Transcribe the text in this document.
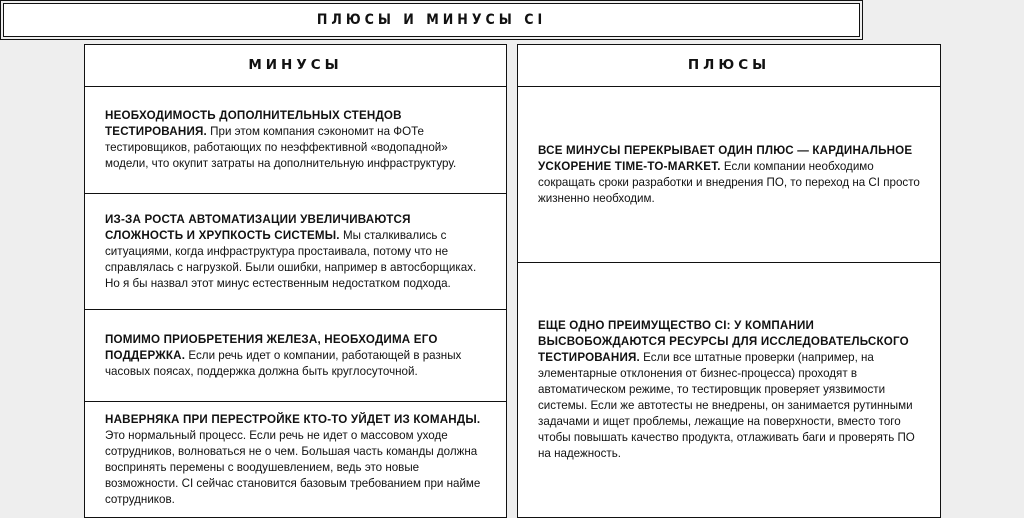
ПЛЮСЫ И МИНУСЫ CI
МИНУСЫ

НЕОБХОДИМОСТЬ ДОПОЛНИТЕЛЬНЫХ СТЕНДОВ ТЕСТИРОВАНИЯ. При этом компания сэкономит на ФОТе тестировщиков, работающих по неэффективной «водопадной» модели, что окупит затраты на дополнительную инфраструктуру.

ИЗ-ЗА РОСТА АВТОМАТИЗАЦИИ УВЕЛИЧИВАЮТСЯ СЛОЖНОСТЬ И ХРУПКОСТЬ СИСТЕМЫ. Мы сталкивались с ситуациями, когда инфраструктура простаивала, потому что не справлялась с нагрузкой. Были ошибки, например в автосборщиках. Но я бы назвал этот минус естественным недостатком подхода.

ПОМИМО ПРИОБРЕТЕНИЯ ЖЕЛЕЗА, НЕОБХОДИМА ЕГО ПОДДЕРЖКА. Если речь идет о компании, работающей в разных часовых поясах, поддержка должна быть круглосуточной.

НАВЕРНЯКА ПРИ ПЕРЕСТРОЙКЕ КТО-ТО УЙДЕТ ИЗ КОМАНДЫ. Это нормальный процесс. Если речь не идет о массовом уходе сотрудников, волноваться не о чем. Большая часть команды должна воспринять перемены с воодушевлением, ведь это новые возможности. CI сейчас становится базовым требованием при найме сотрудников.

ПЛЮСЫ

ВСЕ МИНУСЫ ПЕРЕКРЫВАЕТ ОДИН ПЛЮС — КАРДИНАЛЬНОЕ УСКОРЕНИЕ TIME-TO-MARKET. Если компании необходимо сокращать сроки разработки и внедрения ПО, то переход на CI просто жизненно необходим.

ЕЩЕ ОДНО ПРЕИМУЩЕСТВО CI: У КОМПАНИИ ВЫСВОБОЖДАЮТСЯ РЕСУРСЫ ДЛЯ ИССЛЕДОВАТЕЛЬСКОГО ТЕСТИРОВАНИЯ. Если все штатные проверки (например, на элементарные отклонения от бизнес-процесса) проходят в автоматическом режиме, то тестировщик проверяет уязвимости системы. Если же автотесты не внедрены, он занимается рутинными задачами и ищет проблемы, лежащие на поверхности, вместо того чтобы повышать качество продукта, отлаживать баги и проверять ПО на надежность.
